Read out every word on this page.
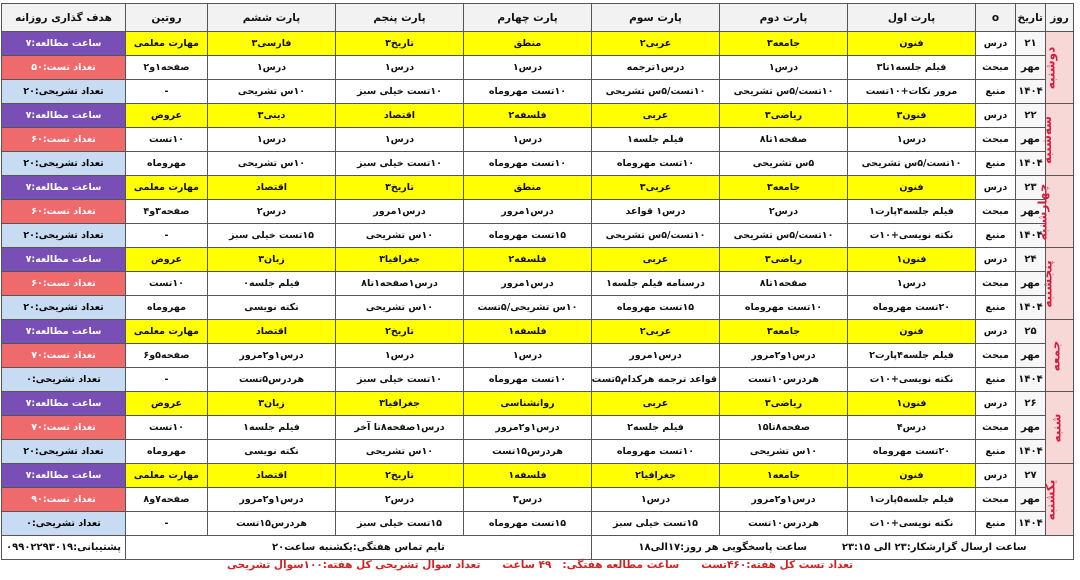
روز	تاریخ	o	پارت اول	پارت دوم	پارت سوم	پارت چهارم	پارت پنجم	پارت ششم	روتین	هدف گذاری روزانه
دوشنبه	۲۱	درس	فنون	جامعه۳	عربی۲	منطق	تاریخ۳	فارسی۳	مهارت معلمی	ساعت مطالعه:۷
	مهر	مبحث	فیلم جلسه۱تا۳	درس۱	درس۱ترجمه	درس۱	درس۱	درس۱	صفحه۱و۲	تعداد تست:۵۰
	۱۴۰۴	منبع	مرور نکات+۱۰تست	۱۰تست/۵س تشریحی	۱۰تست/۵س تشریحی	۱۰تست مهروماه	۱۰تست خیلی سبز	۱۰س تشریحی	-	تعداد تشریحی:۲۰
سه‌شنبه	۲۲	درس	فنون۳	ریاضی۳	عربی	فلسفه۲	اقتصاد	دینی۳	عروض	ساعت مطالعه:۷
	مهر	مبحث	درس۱	صفحه۱تا۸	فیلم جلسه۱	درس۱	درس۱	درس۱	۱۰تست	تعداد تست:۶۰
	۱۴۰۴	منبع	۱۰تست/۵س تشریحی	۵س تشریحی	۱۰تست مهروماه	۱۰تست مهروماه	۱۰تست خیلی سبز	۱۰س تشریحی	مهروماه	تعداد تشریحی:۲۰
چهارشنبه	۲۳	درس	فنون	جامعه۳	عربی۳	منطق	تاریخ۳	اقتصاد	مهارت معلمی	ساعت مطالعه:۷
	مهر	مبحث	فیلم جلسه۴پارت۱	درس۲	درس۱ قواعد	درس۱مرور	درس۱مرور	درس۲	صفحه۳و۴	تعداد تست:۶۰
	۱۴۰۴	منبع	نکته نویسی+۱۰ت	۱۰تست/۵س تشریحی	۱۰تست/۵س تشریحی	۱۵تست مهروماه	۱۰س تشریحی	۱۵تست خیلی سبز	-	تعداد تشریحی:۲۰
پنجشنبه	۲۴	درس	فنون۱	ریاضی۳	عربی	فلسفه۲	جغرافیا۳	زبان۳	عروض	ساعت مطالعه:۷
	مهر	مبحث	درس۱	صفحه۱تا۸	درسنامه فیلم جلسه۱	درس۱مرور	درس۱صفحه۱تا۸	فیلم جلسه۰	۱۰تست	تعداد تست:۶۰
	۱۴۰۴	منبع	۲۰تست مهروماه	۱۰تست مهروماه	۱۵تست مهروماه	۱۰س تشریحی/۵تست	۱۰س تشریحی	نکته نویسی	مهروماه	تعداد تشریحی:۲۰
جمعه	۲۵	درس	فنون	جامعه۳	عربی۲	فلسفه۱	تاریخ۲	اقتصاد	مهارت معلمی	ساعت مطالعه:۷
	مهر	مبحث	فیلم جلسه۴پارت۲	درس۱و۲مرور	درس۱مرور	درس۱	درس۱	درس۱و۲مرور	صفحه۵و۶	تعداد تست:۷۰
	۱۴۰۴	منبع	نکته نویسی+۱۰ت	هردرس۱۰تست	قواعد ترجمه هرکدام۵تست	۱۰تست مهروماه	۱۰تست خیلی سبز	هردرس۵تست	-	تعداد تشریحی:۰
شنبه	۲۶	درس	فنون۱	ریاضی۳	عربی	روانشناسی	جغرافیا۳	زبان۳	عروض	ساعت مطالعه:۷
	مهر	مبحث	درس۴	صفحه۸تا۱۵	فیلم جلسه۲	درس۱و۲مرور	درس۱صفحه۸تا آخر	فیلم جلسه۱	۱۰تست	تعداد تست:۷۰
	۱۴۰۴	منبع	۲۰تست مهروماه	۱۰س تشریحی	۱۰تست مهروماه	هردرس۱۵تست	۱۰س تشریحی	نکته نویسی	مهروماه	تعداد تشریحی:۲۰
یکشنبه	۲۷	درس	فنون	جامعه۱	جغرافیا۲	فلسفه۱	تاریخ۲	اقتصاد	مهارت معلمی	ساعت مطالعه:۷
	مهر	مبحث	فیلم جلسه۵پارت۱	درس۱و۲مرور	درس۱	درس۳	درس۲	درس۱و۲مرور	صفحه۷و۸	تعداد تست:۹۰
	۱۴۰۴	منبع	نکته نویسی+۱۰ت	هردرس۱۰تست	۱۵تست خیلی سبز	۱۵تست مهروماه	۱۵تست خیلی سبز	هردرس۱۵تست	-	تعداد تشریحی:۰
ساعت ارسال گزارشکار:۲۳ الی ۲۳:۱۵          ساعت پاسخگویی هر روز:۱۷الی۱۸						تایم تماس هفتگی:یکشنبه ساعت۲۰				پشتیبانی:۰۹۹۰۲۲۹۳۰۱۹
تعداد تست کل هفته:۴۶۰تست
ساعت مطالعه هفتگی:   ۴۹ ساعت
تعداد سوال تشریحی کل هفته:۱۰۰سوال تشریحی
